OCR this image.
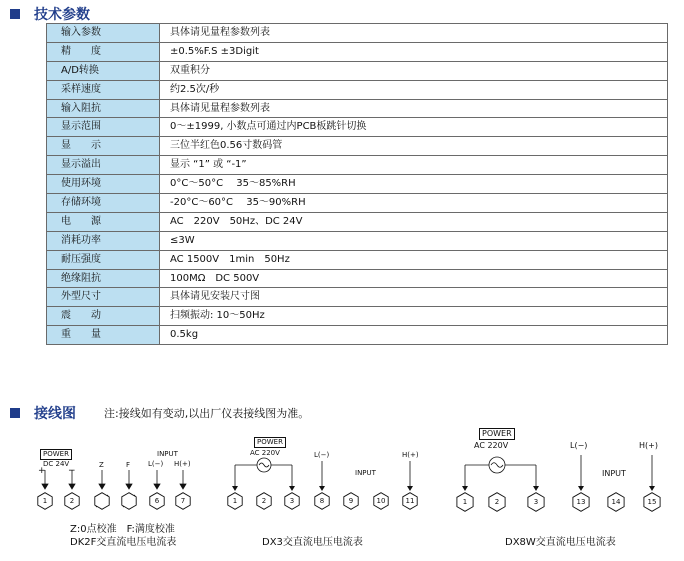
技术参数
输入参数	具体请见量程参数列表
精　　度	±0.5%F.S ±3Digit
A/D转换	双重积分
采样速度	约2.5次/秒
输入阻抗	具体请见量程参数列表
显示范围	0～±1999, 小数点可通过内PCB板跳针切换
显　　示	三位半红色0.56寸数码管
显示溢出	显示 “1” 或 “-1”
使用环境	0°C～50°C　 35～85%RH
存储环境	-20°C～60°C　 35～90%RH
电　　源	AC　220V　50Hz、DC 24V
消耗功率	≤3W
耐压强度	AC 1500V　1min　50Hz
绝缘阻抗	100MΩ　DC 500V
外型尺寸	具体请见安装尺寸图
震　　动	扫频振动: 10～50Hz
重　　量	0.5kg
接线图	注:接线如有变动,以出厂仪表接线图为准。
POWER
DC 24V
+ −
Z	F
INPUT
L(−) H(+)
1	2	6	7
Z:0点校准　F:满度校准
DK2F交直流电压电流表
POWER
AC 220V	L(−)
INPUT
H(+)
1	2	3	8	9	10	11
DX3交直流电压电流表
POWER
AC 220V	L(−)
INPUT
H(+)
1	2	3	13	14	15
DX8W交直流电压电流表
